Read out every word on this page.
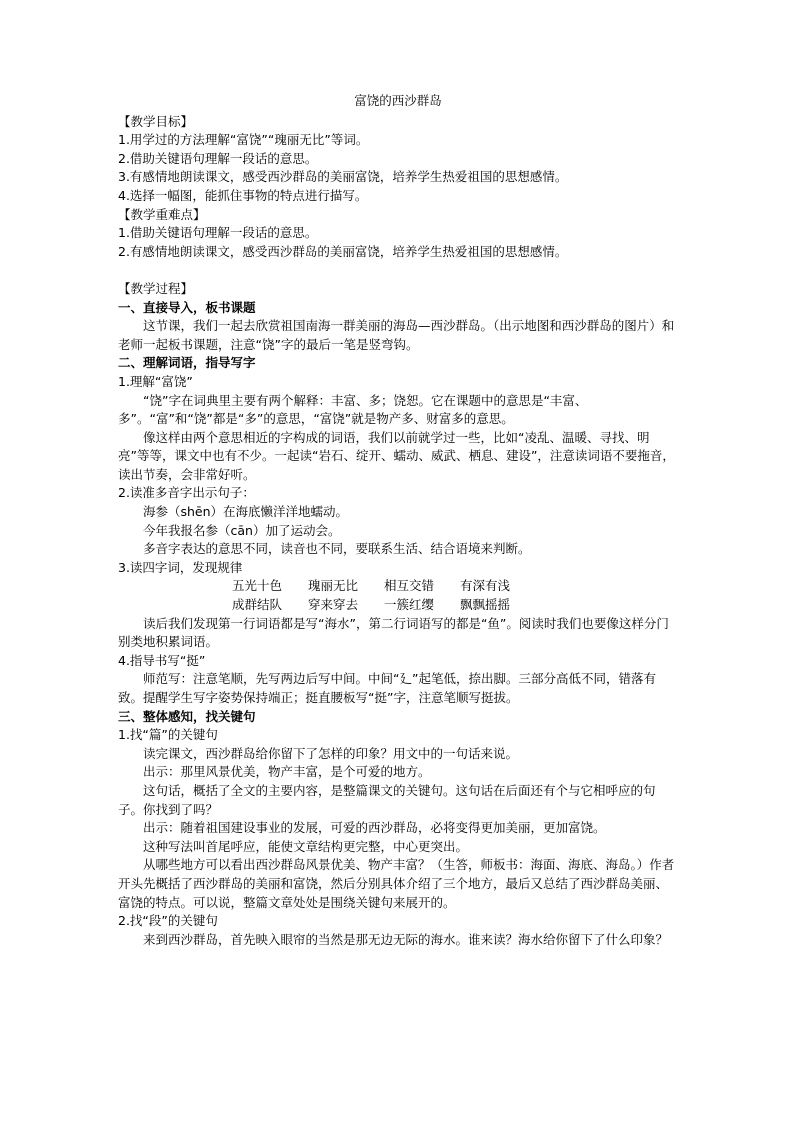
富饶的西沙群岛

【教学目标】

1.用学过的方法理解“富饶”“瑰丽无比”等词。

2.借助关键语句理解一段话的意思。

3.有感情地朗读课文，感受西沙群岛的美丽富饶，培养学生热爱祖国的思想感情。

4.选择一幅图，能抓住事物的特点进行描写。

【教学重难点】

1.借助关键语句理解一段话的意思。

2.有感情地朗读课文，感受西沙群岛的美丽富饶，培养学生热爱祖国的思想感情。

【教学过程】

一、直接导入，板书课题

这节课，我们一起去欣赏祖国南海一群美丽的海岛—西沙群岛。（出示地图和西沙群岛的图片）和老师一起板书课题，注意“饶”字的最后一笔是竖弯钩。

二、理解词语，指导写字

1.理解“富饶”

“饶”字在词典里主要有两个解释：丰富、多；饶恕。它在课题中的意思是“丰富、多”。“富”和“饶”都是“多”的意思，“富饶”就是物产多、财富多的意思。

像这样由两个意思相近的字构成的词语，我们以前就学过一些，比如“凌乱、温暖、寻找、明亮”等等，课文中也有不少。一起读“岩石、绽开、蠕动、威武、栖息、建设”，注意读词语不要拖音，读出节奏，会非常好听。

2.读准多音字出示句子：

海参（shēn）在海底懒洋洋地蠕动。

今年我报名参（cān）加了运动会。

多音字表达的意思不同，读音也不同，要联系生活、结合语境来判断。

3.读四字词，发现规律

五光十色 瑰丽无比 相互交错 有深有浅

成群结队 穿来穿去 一簇红缨 飘飘摇摇

读后我们发现第一行词语都是写“海水”，第二行词语写的都是“鱼”。阅读时我们也要像这样分门别类地积累词语。

4.指导书写“挺”

师范写：注意笔顺，先写两边后写中间。中间“廴”起笔低，捺出脚。三部分高低不同，错落有致。提醒学生写字姿势保持端正；挺直腰板写“挺”字，注意笔顺写挺拔。

三、整体感知，找关键句

1.找“篇”的关键句

读完课文，西沙群岛给你留下了怎样的印象？用文中的一句话来说。

出示：那里风景优美，物产丰富，是个可爱的地方。

这句话，概括了全文的主要内容，是整篇课文的关键句。这句话在后面还有个与它相呼应的句子。你找到了吗？

出示：随着祖国建设事业的发展，可爱的西沙群岛，必将变得更加美丽，更加富饶。

这种写法叫首尾呼应，能使文章结构更完整，中心更突出。

从哪些地方可以看出西沙群岛风景优美、物产丰富？（生答，师板书：海面、海底、海岛。）作者开头先概括了西沙群岛的美丽和富饶，然后分别具体介绍了三个地方，最后又总结了西沙群岛美丽、富饶的特点。可以说，整篇文章处处是围绕关键句来展开的。

2.找“段”的关键句

来到西沙群岛，首先映入眼帘的当然是那无边无际的海水。谁来读？海水给你留下了什么印象？
